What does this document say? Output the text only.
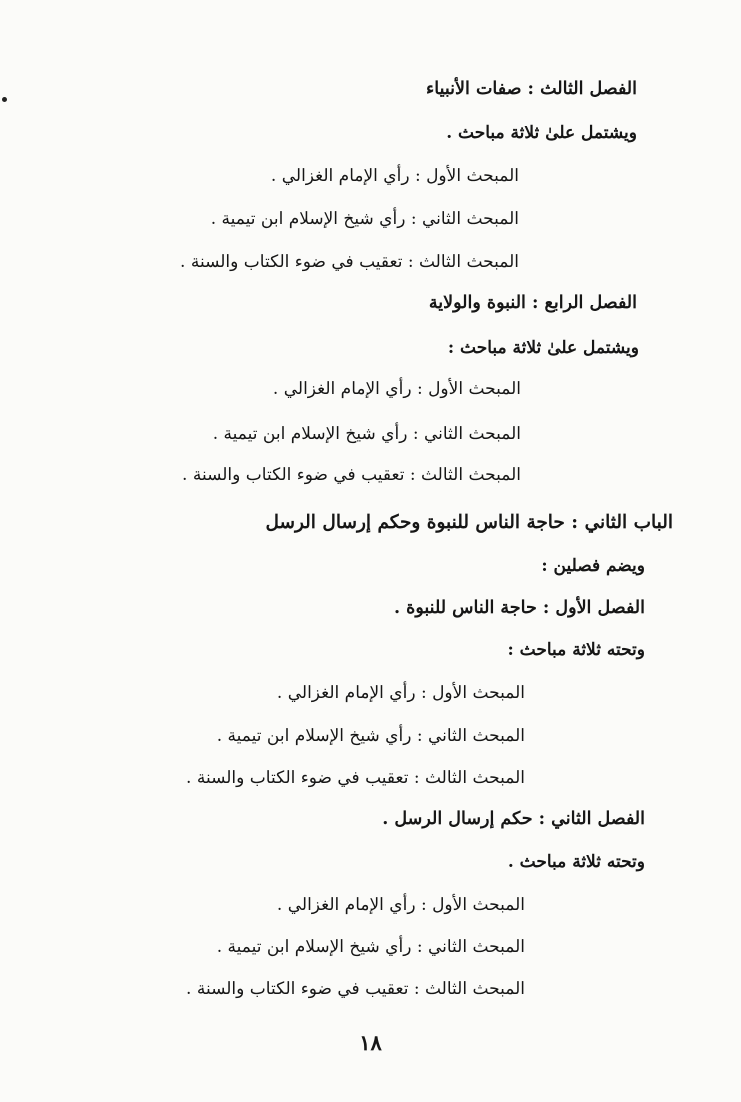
الفصل الثالث : صفات الأنبياء
ويشتمل علىٰ ثلاثة مباحث .
المبحث الأول : رأي الإمام الغزالي .
المبحث الثاني : رأي شيخ الإسلام ابن تيمية .
المبحث الثالث : تعقيب في ضوء الكتاب والسنة .
الفصل الرابع : النبوة والولاية
ويشتمل علىٰ ثلاثة مباحث :
المبحث الأول : رأي الإمام الغزالي .
المبحث الثاني : رأي شيخ الإسلام ابن تيمية .
المبحث الثالث : تعقيب في ضوء الكتاب والسنة .
الباب الثاني : حاجة الناس للنبوة وحكم إرسال الرسل
ويضم فصلين :
الفصل الأول : حاجة الناس للنبوة .
وتحته ثلاثة مباحث :
المبحث الأول : رأي الإمام الغزالي .
المبحث الثاني : رأي شيخ الإسلام ابن تيمية .
المبحث الثالث : تعقيب في ضوء الكتاب والسنة .
الفصل الثاني : حكم إرسال الرسل .
وتحته ثلاثة مباحث .
المبحث الأول : رأي الإمام الغزالي .
المبحث الثاني : رأي شيخ الإسلام ابن تيمية .
المبحث الثالث : تعقيب في ضوء الكتاب والسنة .
١٨
